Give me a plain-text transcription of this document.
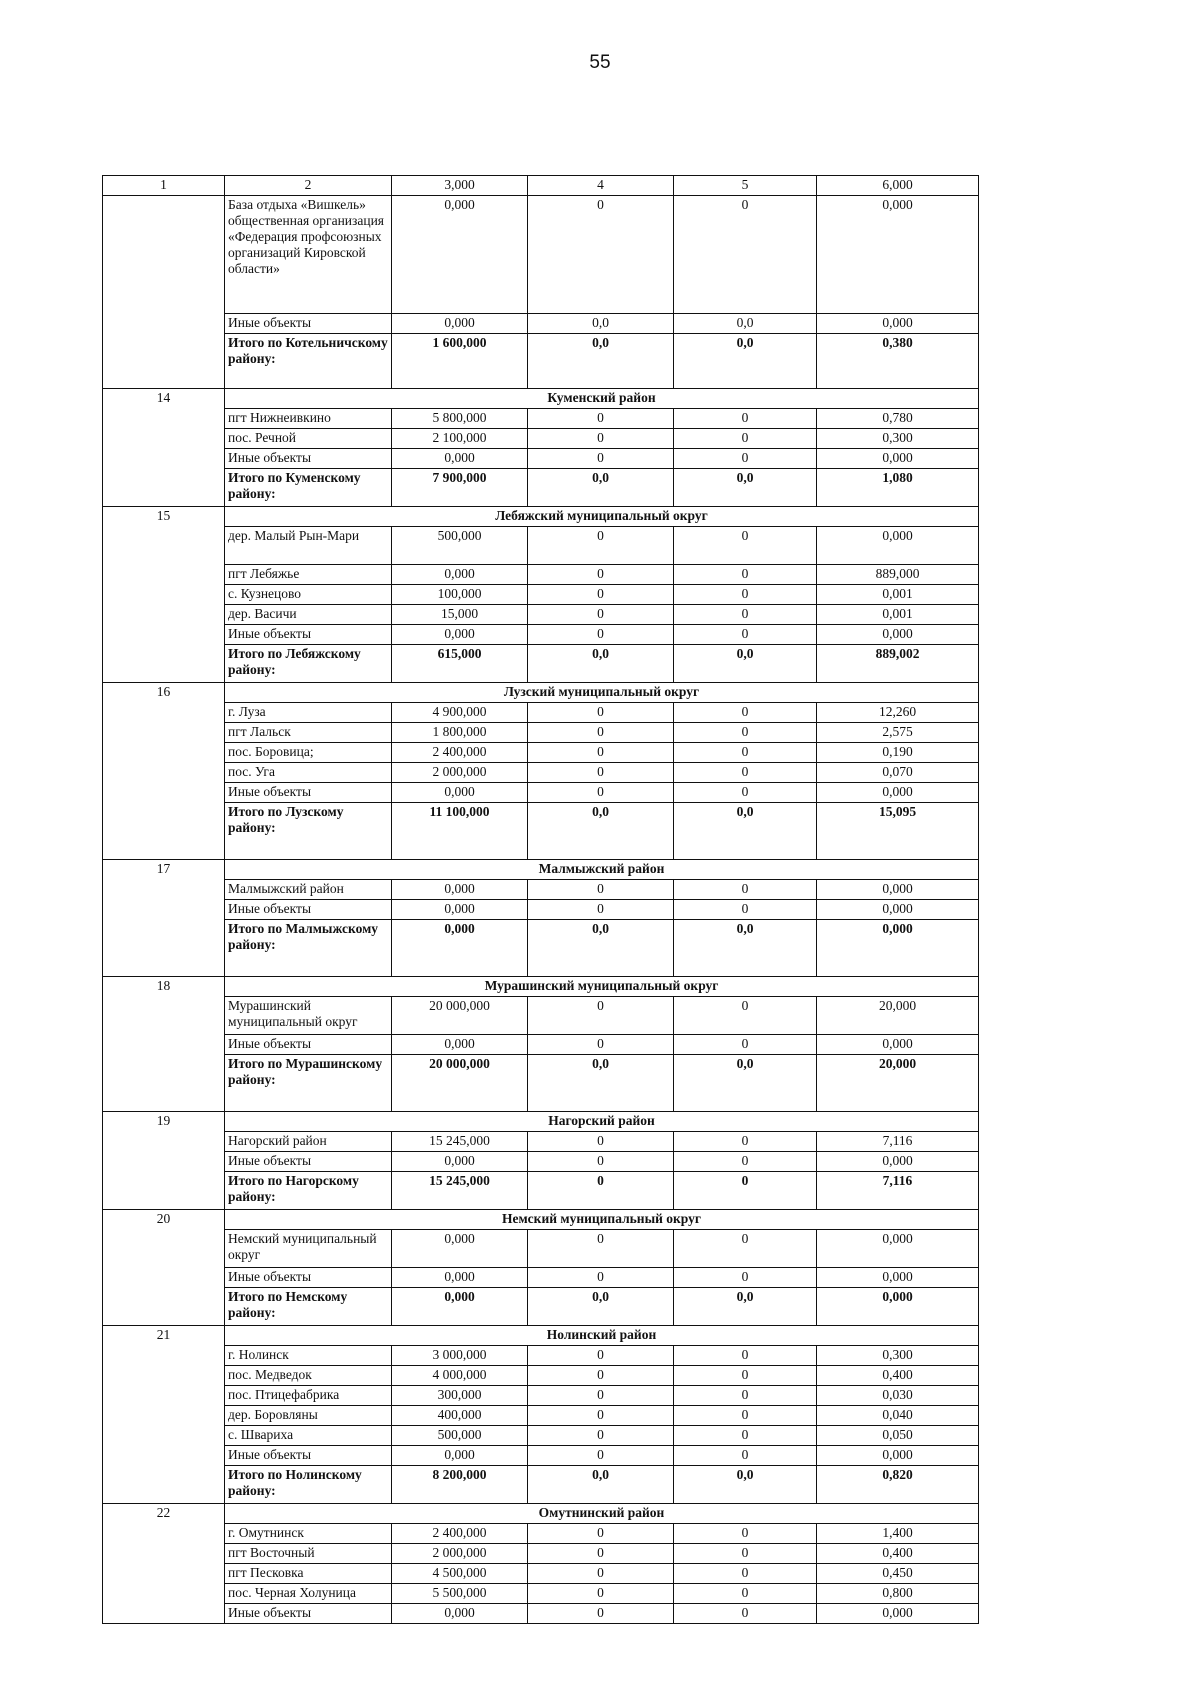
55
1	2	3,000	4	5	6,000
	База отдыха «Вишкель» общественная организация «Федерация профсоюзных организаций Кировской области»	0,000	0	0	0,000
	Иные объекты	0,000	0,0	0,0	0,000
	Итого по Котельничскому району:	1 600,000	0,0	0,0	0,380
14	Куменский район				
	пгт Нижнеивкино	5 800,000	0	0	0,780
	пос. Речной	2 100,000	0	0	0,300
	Иные объекты	0,000	0	0	0,000
	Итого по Куменскому району:	7 900,000	0,0	0,0	1,080
15	Лебяжский муниципальный округ				
	дер. Малый Рын-Мари	500,000	0	0	0,000
	пгт Лебяжье	0,000	0	0	889,000
	с. Кузнецово	100,000	0	0	0,001
	дер. Васичи	15,000	0	0	0,001
	Иные объекты	0,000	0	0	0,000
	Итого по Лебяжскому району:	615,000	0,0	0,0	889,002
16	Лузский муниципальный округ				
	г. Луза	4 900,000	0	0	12,260
	пгт Лальск	1 800,000	0	0	2,575
	пос. Боровица;	2 400,000	0	0	0,190
	пос. Уга	2 000,000	0	0	0,070
	Иные объекты	0,000	0	0	0,000
	Итого по Лузскому району:	11 100,000	0,0	0,0	15,095
17	Малмыжский район				
	Малмыжский район	0,000	0	0	0,000
	Иные объекты	0,000	0	0	0,000
	Итого по Малмыжскому району:	0,000	0,0	0,0	0,000
18	Мурашинский муниципальный округ				
	Мурашинский муниципальный округ	20 000,000	0	0	20,000
	Иные объекты	0,000	0	0	0,000
	Итого по Мурашинскому району:	20 000,000	0,0	0,0	20,000
19	Нагорский район				
	Нагорский район	15 245,000	0	0	7,116
	Иные объекты	0,000	0	0	0,000
	Итого по Нагорскому району:	15 245,000	0	0	7,116
20	Немский муниципальный округ				
	Немский муниципальный округ	0,000	0	0	0,000
	Иные объекты	0,000	0	0	0,000
	Итого по Немскому району:	0,000	0,0	0,0	0,000
21	Нолинский район				
	г. Нолинск	3 000,000	0	0	0,300
	пос. Медведок	4 000,000	0	0	0,400
	пос. Птицефабрика	300,000	0	0	0,030
	дер. Боровляны	400,000	0	0	0,040
	с. Швариха	500,000	0	0	0,050
	Иные объекты	0,000	0	0	0,000
	Итого по Нолинскому району:	8 200,000	0,0	0,0	0,820
22	Омутнинский район				
	г. Омутнинск	2 400,000	0	0	1,400
	пгт Восточный	2 000,000	0	0	0,400
	пгт Песковка	4 500,000	0	0	0,450
	пос. Черная Холуница	5 500,000	0	0	0,800
	Иные объекты	0,000	0	0	0,000
